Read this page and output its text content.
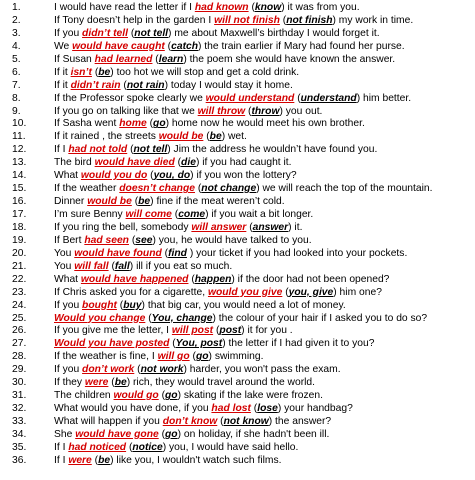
1.	I would have read the letter if I had known (know) it was from you.
2.	If Tony doesn’t help in the garden I will not finish (not finish) my work in time.
3.	If you didn’t tell (not tell) me about Maxwell’s birthday I would forget it.
4.	We would have caught (catch) the train earlier if Mary had found her purse.
5.	If Susan had learned (learn) the poem she would have known the answer.
6.	If it isn’t (be) too hot we will stop and get a cold drink.
7.	If it didn’t rain (not rain) today I would stay it home.
8.	If the Professor spoke clearly we would understand (understand) him better.
9.	If you go on talking like that we will throw (throw) you out.
10.	If Sasha went home (go) home now he would meet his own brother.
11.	If it rained , the streets would be (be) wet.
12.	If I had not told (not tell) Jim the address he wouldn’t have found you.
13.	The bird would have died (die) if you had caught it.
14.	What would you do (you, do) if you won the lottery?
15.	If the weather doesn’t change (not change) we will reach the top of the mountain.
16.	Dinner would be (be) fine if the meat weren’t cold.
17.	I’m sure Benny will come (come) if you wait a bit longer.
18.	If you ring the bell, somebody will answer (answer) it.
19.	If Bert had seen (see) you, he would have talked to you.
20.	You would have found (find ) your ticket if you had looked into your pockets.
21.	You will fall (fall) ill if you eat so much.
22.	What would have happened (happen) if the door had not been opened?
23.	If Chris asked you for a cigarette, would you give (you, give) him one?
24.	If you bought (buy) that big car, you would need a lot of money.
25.	Would you change (You, change) the colour of your hair if I asked you to do so?
26.	If you give me the letter, I will post (post) it for you .
27.	Would you have posted (You, post) the letter if I had given it to you?
28.	If the weather is fine, I will go (go) swimming.
29.	If you don’t work (not work) harder, you won't pass the exam.
30.	If they were (be) rich, they would travel around the world.
31.	The children would go (go) skating if the lake were frozen.
32.	What would you have done, if you had lost (lose) your handbag?
33.	What will happen if you don’t know (not know) the answer?
34.	She would have gone (go) on holiday, if she hadn't been ill.
35.	If I had noticed (notice) you, I would have said hello.
36.	If I were (be) like you, I wouldn't watch such films.
